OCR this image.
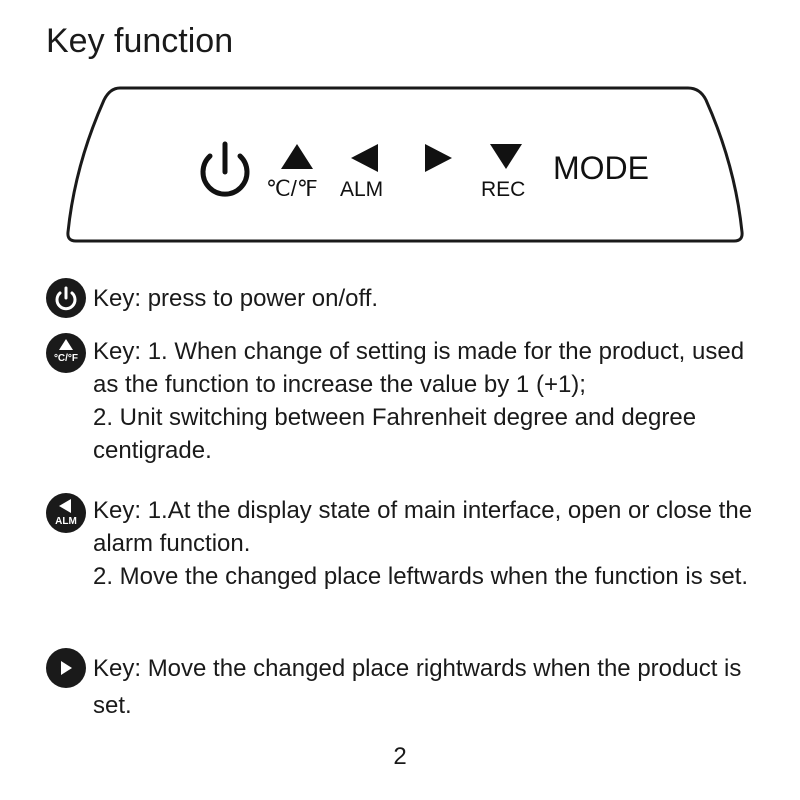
Key function
℃/℉ ALM	REC
MODE

Key: press to power on/off.

°C/°F Key: 1. When change of setting is made for the product, used as the function to increase the value by 1 (+1);

2. Unit switching between Fahrenheit degree and degree centigrade.

ALM Key: 1.At the display state of main interface, open or close the alarm function.

2. Move the changed place leftwards when the function is set.

Key: Move the changed place rightwards when the product is set.

2
